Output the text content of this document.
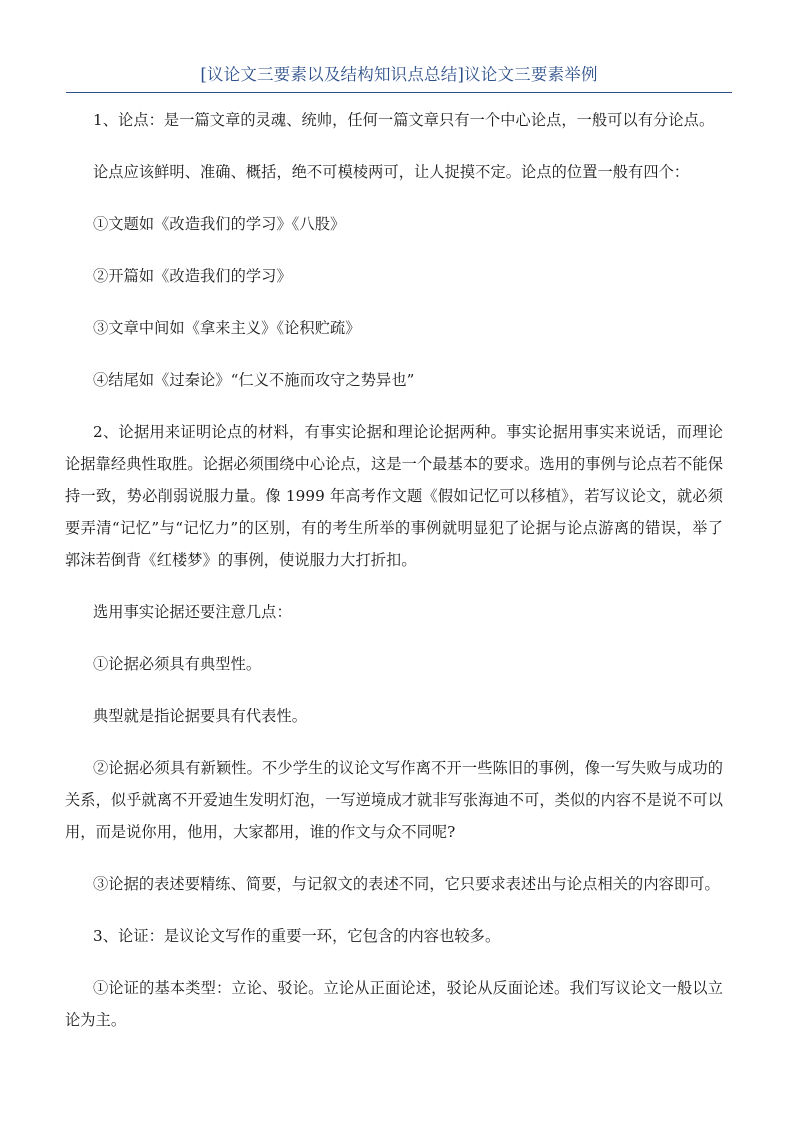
[议论文三要素以及结构知识点总结]议论文三要素举例

1、论点：是一篇文章的灵魂、统帅，任何一篇文章只有一个中心论点，一般可以有分论点。

论点应该鲜明、准确、概括，绝不可模棱两可，让人捉摸不定。论点的位置一般有四个：

①文题如《改造我们的学习》《八股》

②开篇如《改造我们的学习》

③文章中间如《拿来主义》《论积贮疏》

④结尾如《过秦论》“仁义不施而攻守之势异也”

2、论据用来证明论点的材料，有事实论据和理论论据两种。事实论据用事实来说话，而理论论据靠经典性取胜。论据必须围绕中心论点，这是一个最基本的要求。选用的事例与论点若不能保持一致，势必削弱说服力量。像 1999 年高考作文题《假如记忆可以移植》，若写议论文，就必须要弄清“记忆”与“记忆力”的区别，有的考生所举的事例就明显犯了论据与论点游离的错误，举了郭沫若倒背《红楼梦》的事例，使说服力大打折扣。

选用事实论据还要注意几点：

①论据必须具有典型性。

典型就是指论据要具有代表性。

②论据必须具有新颖性。不少学生的议论文写作离不开一些陈旧的事例，像一写失败与成功的关系，似乎就离不开爱迪生发明灯泡，一写逆境成才就非写张海迪不可，类似的内容不是说不可以用，而是说你用，他用，大家都用，谁的作文与众不同呢?

③论据的表述要精练、简要，与记叙文的表述不同，它只要求表述出与论点相关的内容即可。

3、论证：是议论文写作的重要一环，它包含的内容也较多。

①论证的基本类型：立论、驳论。立论从正面论述，驳论从反面论述。我们写议论文一般以立论为主。
